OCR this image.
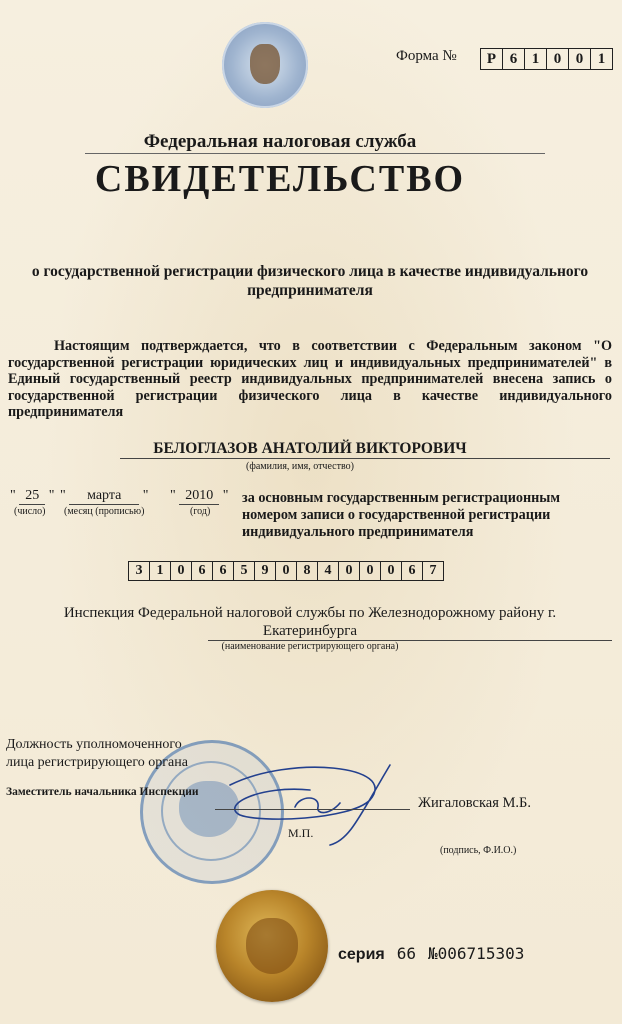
Форма №	Р 6 1 0 0 1
Федеральная налоговая служба
СВИДЕТЕЛЬСТВО
о государственной регистрации физического лица в качестве индивидуального предпринимателя
Настоящим подтверждается, что в соответствии с Федеральным законом "О государственной регистрации юридических лиц и индивидуальных предпринимателей" в Единый государственный реестр индивидуальных предпринимателей внесена запись о государственной регистрации физического лица в качестве индивидуального предпринимателя
БЕЛОГЛАЗОВ АНАТОЛИЙ ВИКТОРОВИЧ
(фамилия, имя, отчество)
" 25 " " марта " " 2010 "
(число) (месяц (прописью)	(год)
за основным государственным регистрационным номером записи о государственной регистрации индивидуального предпринимателя
3	1	0	6	6	5	9	0	8	4	0	0	0	6	7
Инспекция Федеральной налоговой службы по Железнодорожному району г. Екатеринбурга
(наименование регистрирующего органа)
Должность уполномоченного
лица регистрирующего органа
Заместитель начальника Инспекции
Жигаловская М.Б.
М.П.
(подпись, Ф.И.О.)
серия 66 №006715303
